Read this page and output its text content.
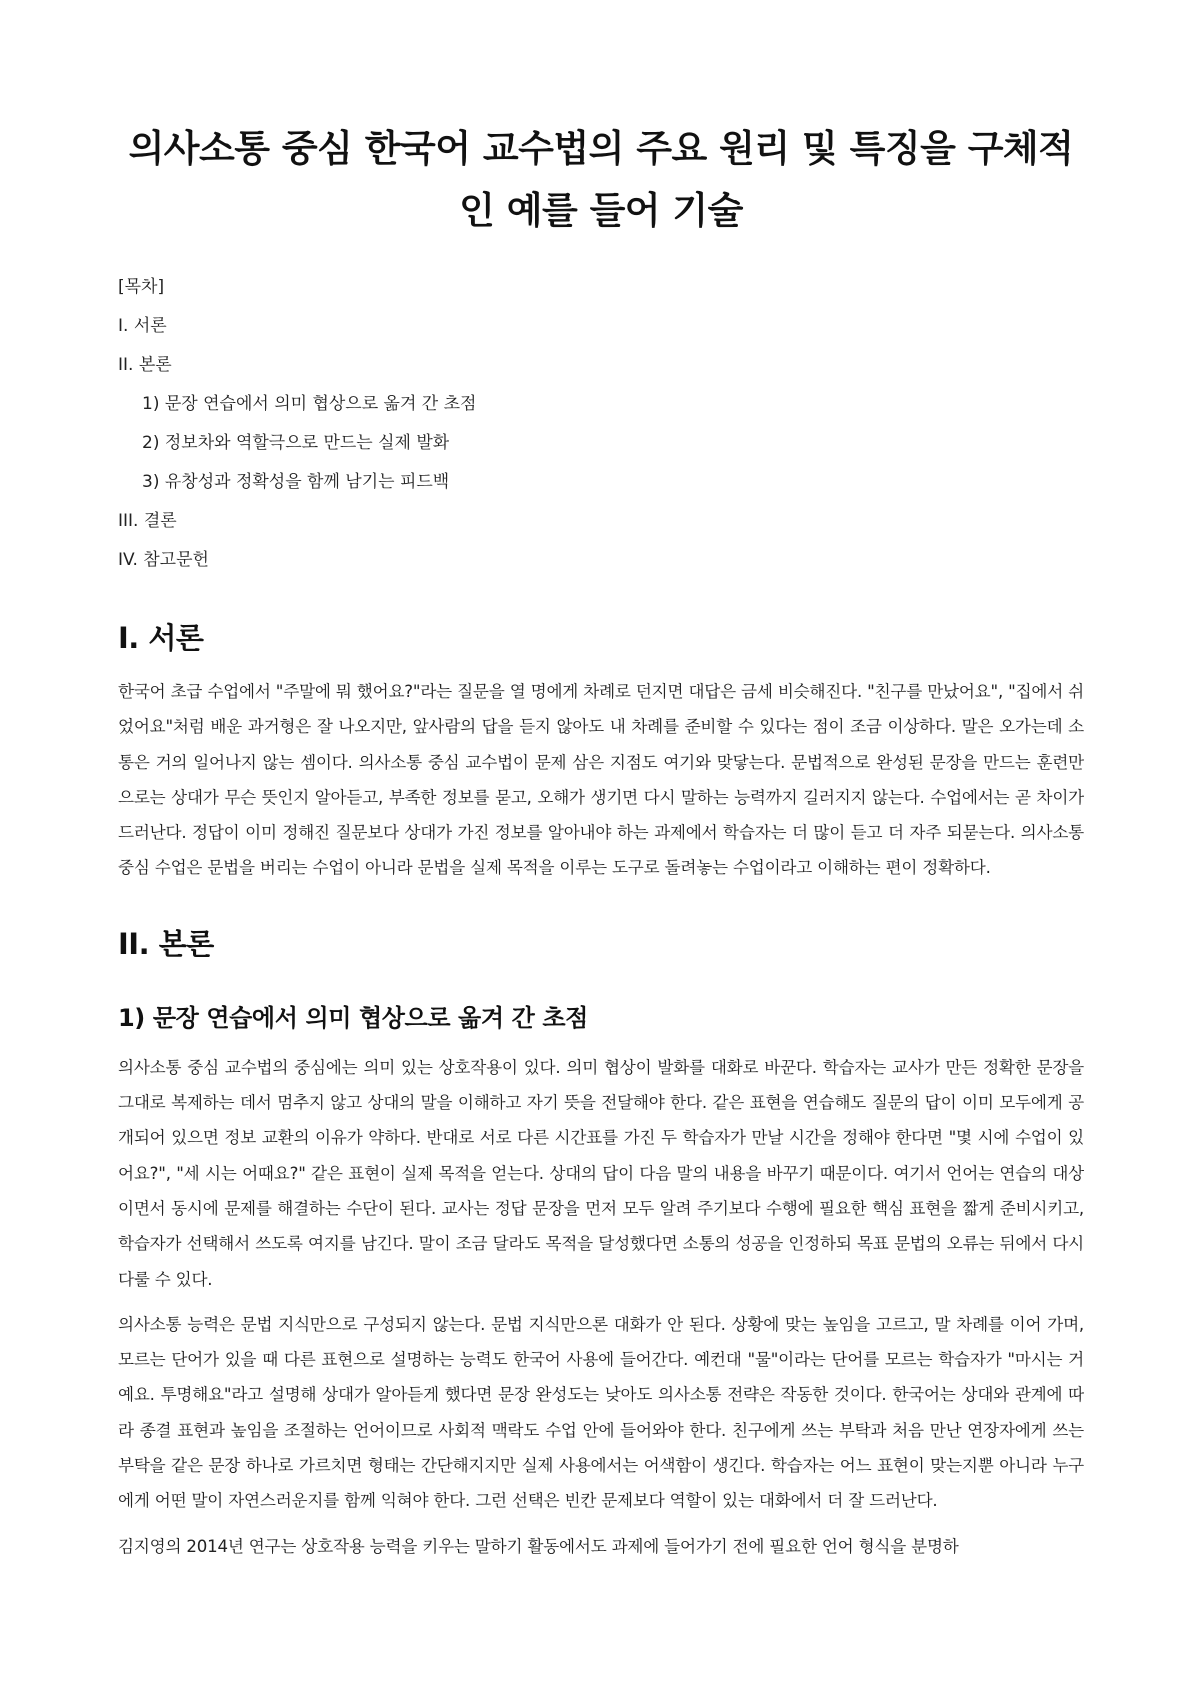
의사소통 중심 한국어 교수법의 주요 원리 및 특징을 구체적인 예를 들어 기술
[목차]
I. 서론
II. 본론
1) 문장 연습에서 의미 협상으로 옮겨 간 초점
2) 정보차와 역할극으로 만드는 실제 발화
3) 유창성과 정확성을 함께 남기는 피드백
III. 결론
IV. 참고문헌
I. 서론

한국어 초급 수업에서 "주말에 뭐 했어요?"라는 질문을 열 명에게 차례로 던지면 대답은 금세 비슷해진다. "친구를 만났어요", "집에서 쉬었어요"처럼 배운 과거형은 잘 나오지만, 앞사람의 답을 듣지 않아도 내 차례를 준비할 수 있다는 점이 조금 이상하다. 말은 오가는데 소통은 거의 일어나지 않는 셈이다. 의사소통 중심 교수법이 문제 삼은 지점도 여기와 맞닿는다. 문법적으로 완성된 문장을 만드는 훈련만으로는 상대가 무슨 뜻인지 알아듣고, 부족한 정보를 묻고, 오해가 생기면 다시 말하는 능력까지 길러지지 않는다. 수업에서는 곧 차이가 드러난다. 정답이 이미 정해진 질문보다 상대가 가진 정보를 알아내야 하는 과제에서 학습자는 더 많이 듣고 더 자주 되묻는다. 의사소통 중심 수업은 문법을 버리는 수업이 아니라 문법을 실제 목적을 이루는 도구로 돌려놓는 수업이라고 이해하는 편이 정확하다.

II. 본론
1) 문장 연습에서 의미 협상으로 옮겨 간 초점

의사소통 중심 교수법의 중심에는 의미 있는 상호작용이 있다. 의미 협상이 발화를 대화로 바꾼다. 학습자는 교사가 만든 정확한 문장을 그대로 복제하는 데서 멈추지 않고 상대의 말을 이해하고 자기 뜻을 전달해야 한다. 같은 표현을 연습해도 질문의 답이 이미 모두에게 공개되어 있으면 정보 교환의 이유가 약하다. 반대로 서로 다른 시간표를 가진 두 학습자가 만날 시간을 정해야 한다면 "몇 시에 수업이 있어요?", "세 시는 어때요?" 같은 표현이 실제 목적을 얻는다. 상대의 답이 다음 말의 내용을 바꾸기 때문이다. 여기서 언어는 연습의 대상이면서 동시에 문제를 해결하는 수단이 된다. 교사는 정답 문장을 먼저 모두 알려 주기보다 수행에 필요한 핵심 표현을 짧게 준비시키고, 학습자가 선택해서 쓰도록 여지를 남긴다. 말이 조금 달라도 목적을 달성했다면 소통의 성공을 인정하되 목표 문법의 오류는 뒤에서 다시 다룰 수 있다.

의사소통 능력은 문법 지식만으로 구성되지 않는다. 문법 지식만으론 대화가 안 된다. 상황에 맞는 높임을 고르고, 말 차례를 이어 가며, 모르는 단어가 있을 때 다른 표현으로 설명하는 능력도 한국어 사용에 들어간다. 예컨대 "물"이라는 단어를 모르는 학습자가 "마시는 거예요. 투명해요"라고 설명해 상대가 알아듣게 했다면 문장 완성도는 낮아도 의사소통 전략은 작동한 것이다. 한국어는 상대와 관계에 따라 종결 표현과 높임을 조절하는 언어이므로 사회적 맥락도 수업 안에 들어와야 한다. 친구에게 쓰는 부탁과 처음 만난 연장자에게 쓰는 부탁을 같은 문장 하나로 가르치면 형태는 간단해지지만 실제 사용에서는 어색함이 생긴다. 학습자는 어느 표현이 맞는지뿐 아니라 누구에게 어떤 말이 자연스러운지를 함께 익혀야 한다. 그런 선택은 빈칸 문제보다 역할이 있는 대화에서 더 잘 드러난다.

김지영의 2014년 연구는 상호작용 능력을 키우는 말하기 활동에서도 과제에 들어가기 전에 필요한 언어 형식을 분명하
